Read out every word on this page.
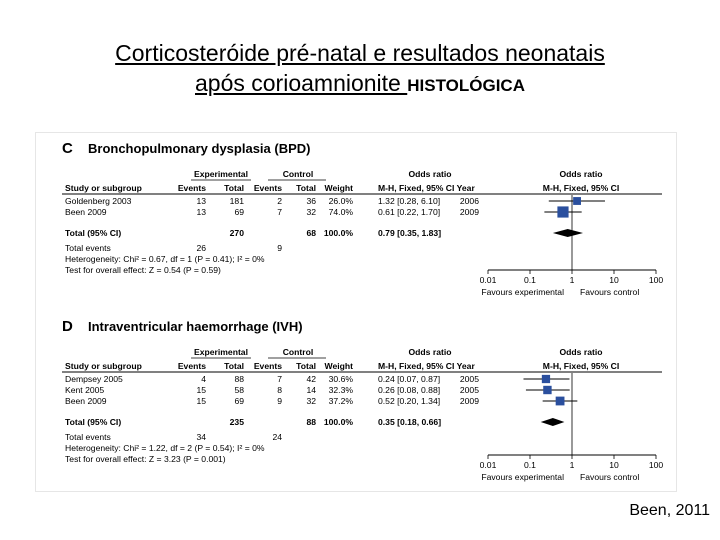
Corticosteróide pré-natal e resultados neonatais
após corioamnionite HISTOLÓGICA
C Bronchopulmonary dysplasia (BPD)
Experimental	Control	Odds ratio	Odds ratio
Study or subgroup	Events Total Events Total Weight	M-H, Fixed, 95% CI Year	M-H, Fixed, 95% CI
Goldenberg 2003	13	181	2	36 26.0%	1.32 [0.28, 6.10] 2006
Been 2009	13	69	7	32 74.0%	0.61 [0.22, 1.70] 2009
Total (95% CI)	270	68 100.0%	0.79 [0.35, 1.83]
Total events	26	9
Heterogeneity: Chi² = 0.67, df = 1 (P = 0.41); I² = 0%
Test for overall effect: Z = 0.54 (P = 0.59)
0.01	0.1	1	10	100
Favours experimental Favours control
D Intraventricular haemorrhage (IVH)
Experimental	Control	Odds ratio	Odds ratio
Study or subgroup	Events Total Events Total Weight	M-H, Fixed, 95% CI Year	M-H, Fixed, 95% CI
Dempsey 2005	4	88	7	42 30.6%	0.24 [0.07, 0.87] 2005
Kent 2005	15	58	8	14 32.3%	0.26 [0.08, 0.88] 2005
Been 2009	15	69	9	32 37.2%	0.52 [0.20, 1.34] 2009
Total (95% CI)	235	88 100.0%	0.35 [0.18, 0.66]
Total events	34	24
Heterogeneity: Chi² = 1.22, df = 2 (P = 0.54); I² = 0%
Test for overall effect: Z = 3.23 (P = 0.001)
0.01	0.1	1	10	100
Favours experimental Favours control
Been, 2011
